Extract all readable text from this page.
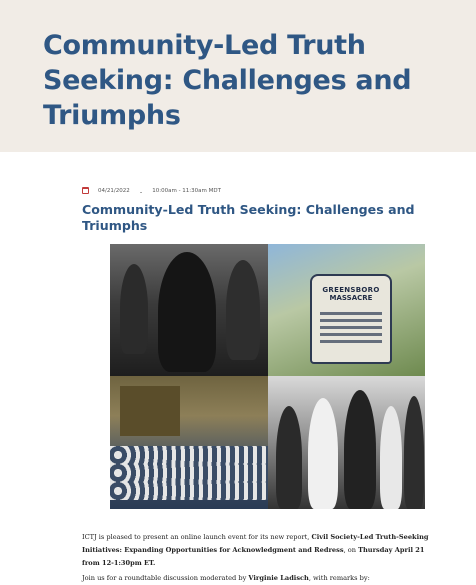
Community-Led Truth Seeking: Challenges and Triumphs
04/21/2022 . 10:00am - 11:30am MDT
Community-Led Truth Seeking: Challenges and Triumphs
GREENSBORO
MASSACRE

ICTJ is pleased to present an online launch event for its new report, Civil Society-Led Truth-Seeking Initiatives: Expanding Opportunities for Acknowledgment and Redress, on Thursday April 21 from 12-1:30pm ET.

Join us for a roundtable discussion moderated by Virginie Ladisch, with remarks by:
